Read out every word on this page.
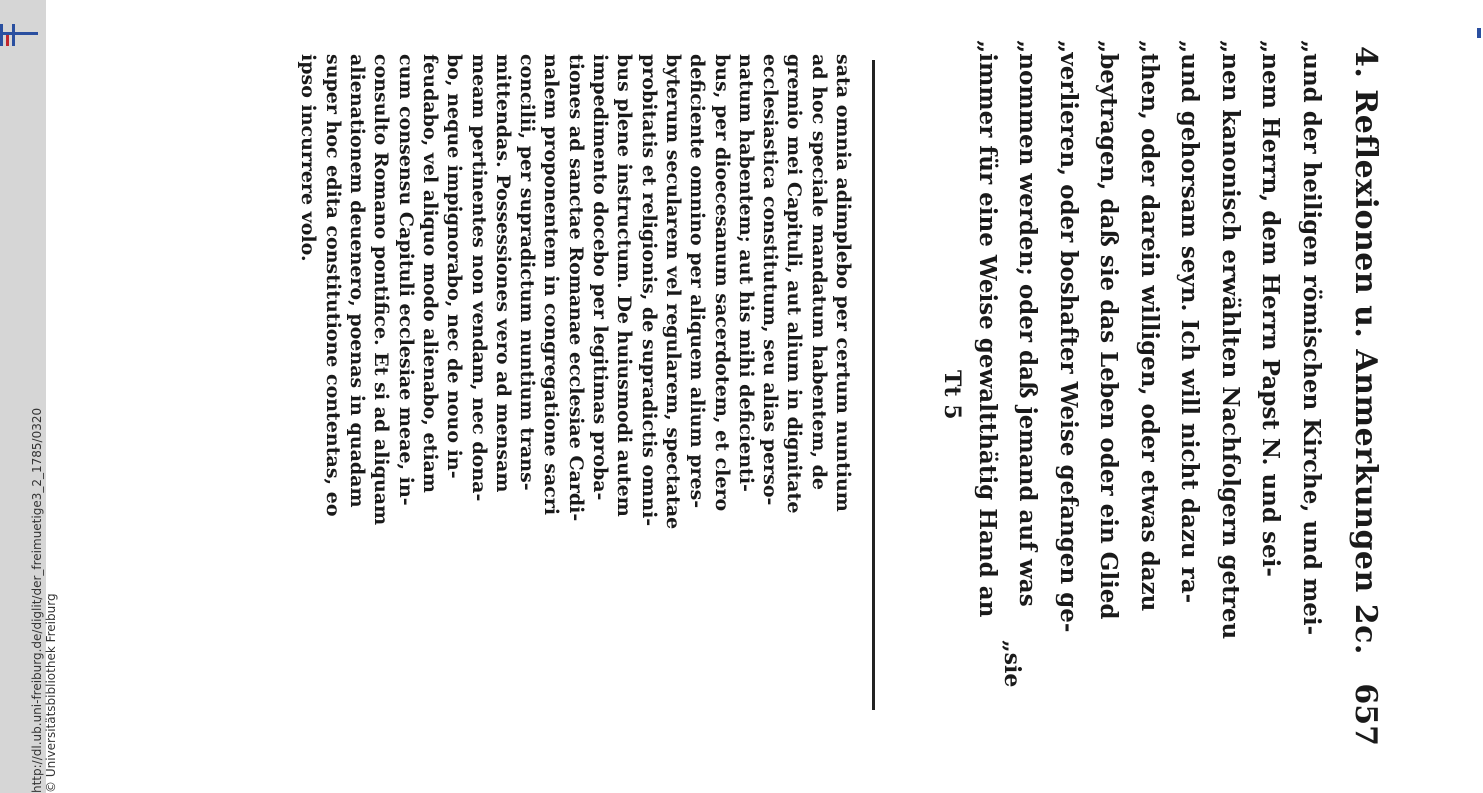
http://dl.ub.uni-freiburg.de/diglit/der_freimuetige3_2_1785/0320 © Universitätsbibliothek Freiburg
4. Reflexionen u. Anmerkungen 2c.
657
„und der heiligen römischen Kirche, und mei-
„nem Herrn, dem Herrn Papst N. und sei-
„nen kanonisch erwählten Nachfolgern getreu
„und gehorsam seyn. Ich will nicht dazu ra-
„then, oder darein willigen, oder etwas dazu
„beytragen, daß sie das Leben oder ein Glied
„verlieren, oder boshafter Weise gefangen ge-
„nommen werden; oder daß jemand auf was
„immer für eine Weise gewaltthätig Hand an
„sie
Tt 5
sata omnia adimplebo per certum nuntium
ad hoc speciale mandatum habentem, de
gremio mei Capituli, aut alium in dignitate
ecclesiastica constitutum, seu alias perso-
natum habentem; aut his mihi deficienti-
bus, per dioecesanum sacerdotem, et clero
deficiente omnino per aliquem alium pres-
byterum secularem vel regularem, spectatae
probitatis et religionis, de supradictis omni-
bus plene instructum. De huiusmodi autem
impedimento docebo per legitimas proba-
tiones ad sanctae Romanae ecclesiae Cardi-
nalem proponentem in congregatione sacri
concilii, per supradictum nuntium trans-
mittendas. Possessiones vero ad mensam
meam pertinentes non vendam, nec dona-
bo, neque impignorabo, nec de nouo in-
feudabo, vel aliquo modo alienabo, etiam
cum consensu Capituli ecclesiae meae, in-
consulto Romano pontifice. Et si ad aliquam
alienationem deuenero, poenas in quadam
super hoc edita constitutione contentas, eo
ipso incurrere volo.
